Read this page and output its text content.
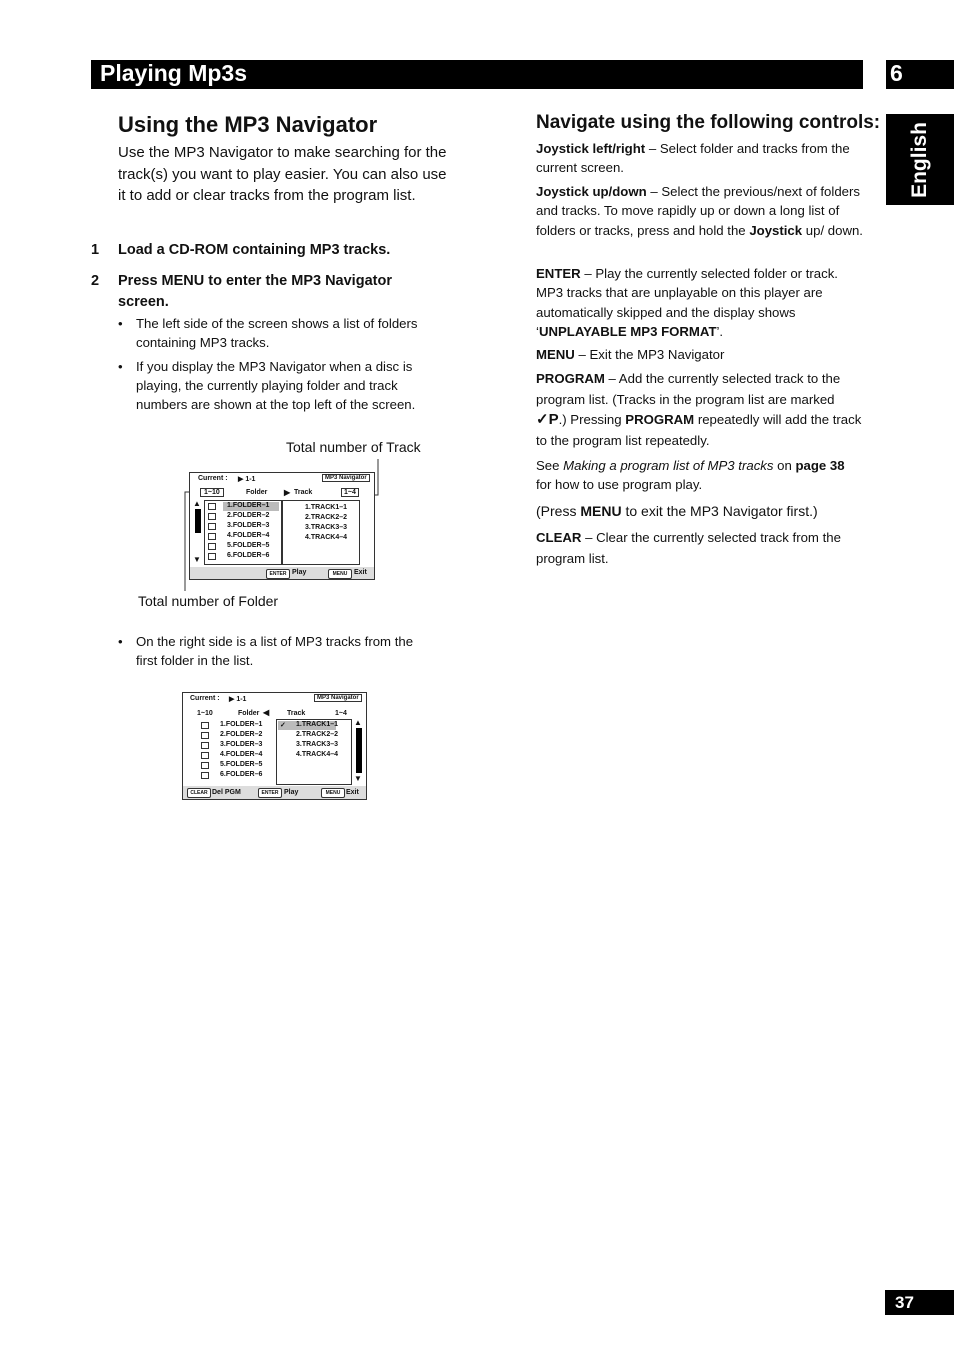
Playing Mp3s	6
English
Using the MP3 Navigator
Use the MP3 Navigator to make searching for the track(s) you want to play easier. You can also use it to add or clear tracks from the program list.
1 Load a CD-ROM containing MP3 tracks.
2 Press MENU to enter the MP3 Navigator screen.
• The left side of the screen shows a list of folders containing MP3 tracks.
• If you display the MP3 Navigator when a disc is playing, the currently playing folder and track numbers are shown at the top left of the screen.
Total number of Track
Total number of Folder
Current : ▶ 1-1	MP3 Navigator
1~10	Folder ▶ Track	1~4
▲
▼
1.FOLDER–1
2.FOLDER–2
3.FOLDER–3
4.FOLDER–4
5.FOLDER–5
6.FOLDER–6
1.TRACK1–1
2.TRACK2–2
3.TRACK3–3
4.TRACK4–4
ENTER Play	MENU Exit
• On the right side is a list of MP3 tracks from the first folder in the list.
Current : ▶ 1-1	MP3 Navigator
1~10	Folder ◀	Track	1~4
1.FOLDER–1
2.FOLDER–2
3.FOLDER–3
4.FOLDER–4
5.FOLDER–5
6.FOLDER–6
✓ 1.TRACK1–1
2.TRACK2–2
3.TRACK3–3
4.TRACK4–4
▲
▼
CLEAR Del PGM	ENTER Play	MENU Exit
Navigate using the following controls:
Joystick left/right – Select folder and tracks from the current screen.
Joystick up/down – Select the previous/next of folders and tracks. To move rapidly up or down a long list of folders or tracks, press and hold the Joystick up/ down.
ENTER – Play the currently selected folder or track. MP3 tracks that are unplayable on this player are automatically skipped and the display shows ‘UNPLAYABLE MP3 FORMAT’.
MENU – Exit the MP3 Navigator
PROGRAM – Add the currently selected track to the program list. (Tracks in the program list are marked ✓P.) Pressing PROGRAM repeatedly will add the track to the program list repeatedly.
See Making a program list of MP3 tracks on page 38 for how to use program play.
(Press MENU to exit the MP3 Navigator first.)
CLEAR – Clear the currently selected track from the program list.
37
